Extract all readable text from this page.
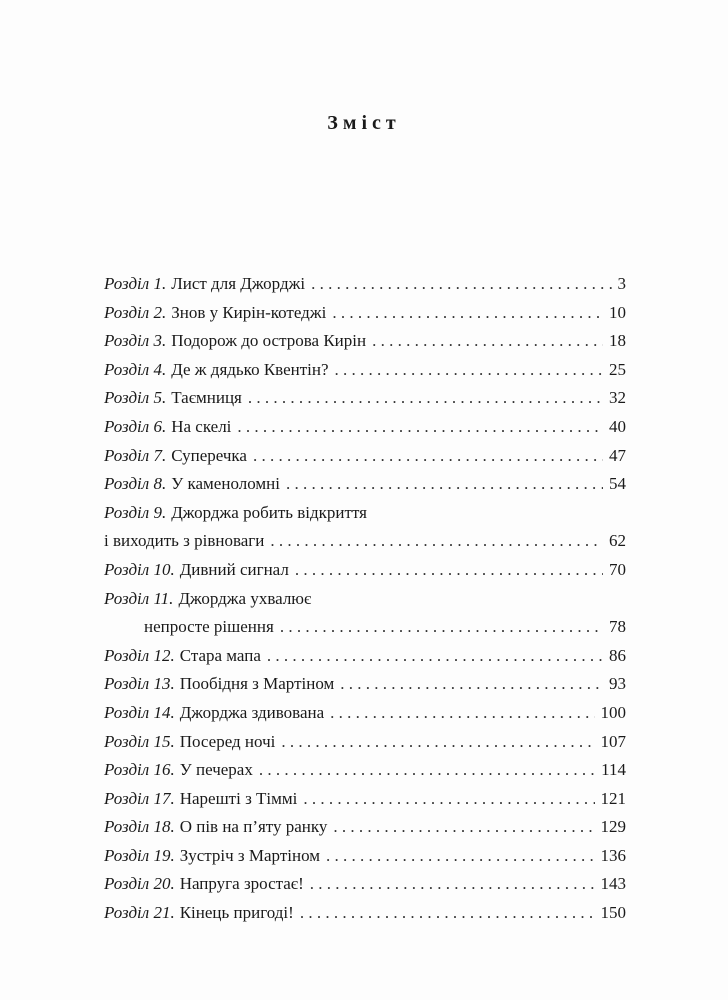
Зміст
Розділ 1. Лист для Джорджі . . .	3
Розділ 2. Знов у Кирін-котеджі . . .	10
Розділ 3. Подорож до острова Кирін . . .	18
Розділ 4. Де ж дядько Квентін? . . .	25
Розділ 5. Таємниця . . .	32
Розділ 6. На скелі . . .	40
Розділ 7. Суперечка . . .	47
Розділ 8. У каменоломні . . .	54
Розділ 9. Джорджа робить відкриття
і виходить з рівноваги . . .	62
Розділ 10. Дивний сигнал . . .	70
Розділ 11. Джорджа ухвалює
непросте рішення . . .	78
Розділ 12. Стара мапа . . .	86
Розділ 13. Пообідня з Мартіном . . .	93
Розділ 14. Джорджа здивована . . .	100
Розділ 15. Посеред ночі . . .	107
Розділ 16. У печерах . . .	114
Розділ 17. Нарешті з Тіммі . . .	121
Розділ 18. О пів на п’яту ранку . . .	129
Розділ 19. Зустріч з Мартіном . . .	136
Розділ 20. Напруга зростає! . . .	143
Розділ 21. Кінець пригоді! . . .	150
